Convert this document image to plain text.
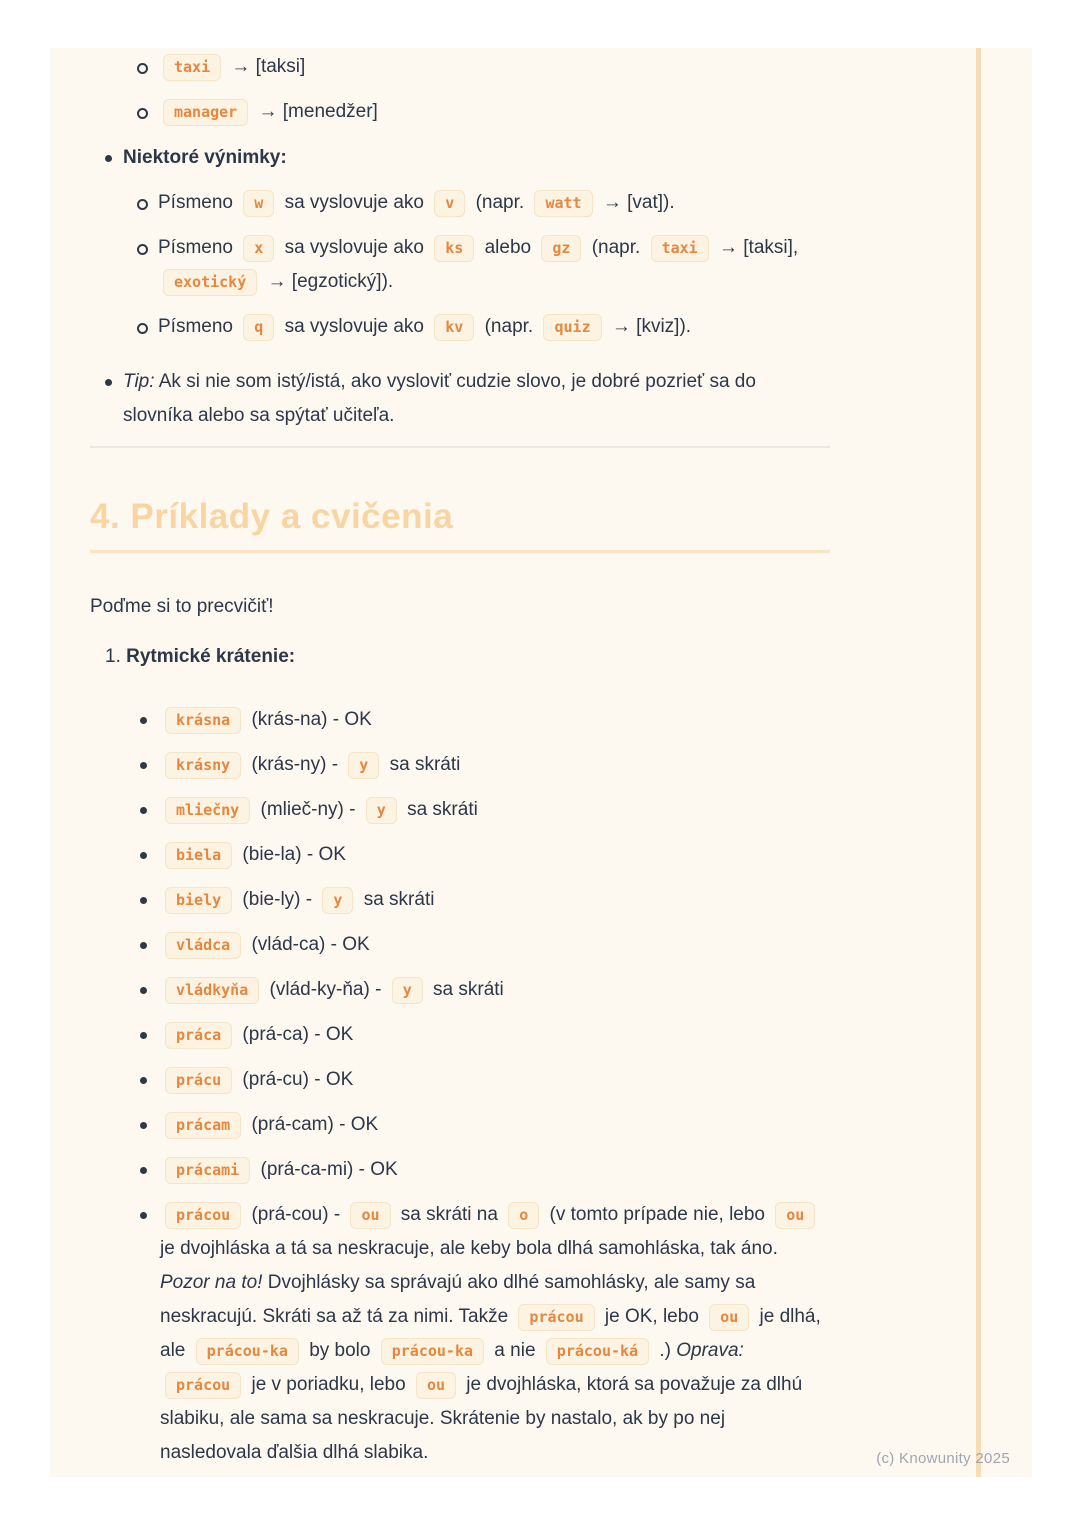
taxi → [taksi]
manager → [menedžer]
Niektoré výnimky:
Písmeno w sa vyslovuje ako v (napr. watt → [vat]).
Písmeno x sa vyslovuje ako ks alebo gz (napr. taxi → [taksi], exotický → [egzotický]).
Písmeno q sa vyslovuje ako kv (napr. quiz → [kviz]).
Tip: Ak si nie som istý/istá, ako vysloviť cudzie slovo, je dobré pozrieť sa do slovníka alebo sa spýtať učiteľa.
4. Príklady a cvičenia

Poďme si to precvičiť!

1. Rytmické krátenie:
krásna (krás-na) - OK
krásny (krás-ny) - y sa skráti
mliečny (mlieč-ny) - y sa skráti
biela (bie-la) - OK
biely (bie-ly) - y sa skráti
vládca (vlád-ca) - OK
vládkyňa (vlád-ky-ňa) - y sa skráti
práca (prá-ca) - OK
prácu (prá-cu) - OK
prácam (prá-cam) - OK
prácami (prá-ca-mi) - OK
prácou (prá-cou) - ou sa skráti na o (v tomto prípade nie, lebo ou je dvojhláska a tá sa neskracuje, ale keby bola dlhá samohláska, tak áno. Pozor na to! Dvojhlásky sa správajú ako dlhé samohlásky, ale samy sa neskracujú. Skráti sa až tá za nimi. Takže prácou je OK, lebo ou je dlhá, ale prácou-ka by bolo prácou-ka a nie prácou-ká .) Oprava: prácou je v poriadku, lebo ou je dvojhláska, ktorá sa považuje za dlhú slabiku, ale sama sa neskracuje. Skrátenie by nastalo, ak by po nej nasledovala ďalšia dlhá slabika.	(c) Knowunity 2025
